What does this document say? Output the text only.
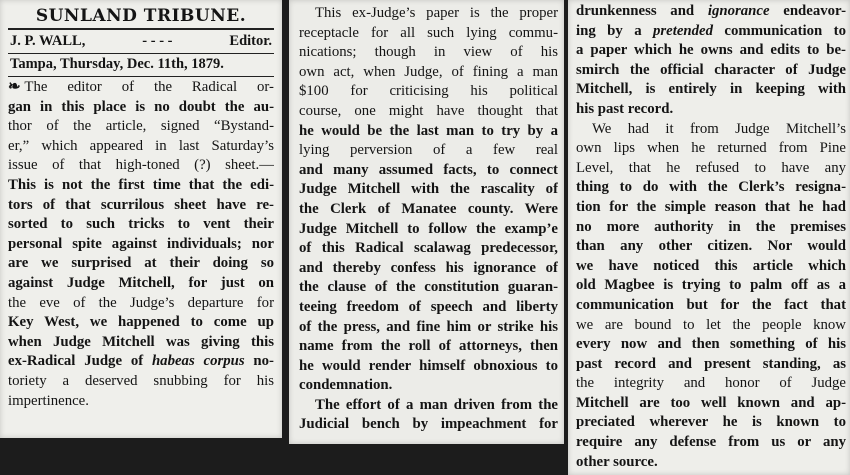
SUNLAND TRIBUNE.
J. P. WALL,	- - - -	Editor.
Tampa, Thursday, Dec. 11th, 1879.
❧ The editor of the Radical or-
gan in this place is no doubt the au-
thor of the article, signed “Bystand-
er,” which appeared in last Saturday’s
issue of that high-toned (?) sheet.—
This is not the first time that the edi-
tors of that scurrilous sheet have re-
sorted to such tricks to vent their
personal spite against individuals; nor
are we surprised at their doing so
against Judge Mitchell, for just on
the eve of the Judge’s departure for
Key West, we happened to come up
when Judge Mitchell was giving this
ex-Radical Judge of habeas corpus no-
toriety a deserved snubbing for his
impertinence.
This ex-Judge’s paper is the proper
receptacle for all such lying commu-
nications; though in view of his
own act, when Judge, of fining a man
$100 for criticising his political
course, one might have thought that
he would be the last man to try by a
lying perversion of a few real
and many assumed facts, to connect
Judge Mitchell with the rascality of
the Clerk of Manatee county. Were
Judge Mitchell to follow the examp’e
of this Radical scalawag predecessor,
and thereby confess his ignorance of
the clause of the constitution guaran-
teeing freedom of speech and liberty
of the press, and fine him or strike his
name from the roll of attorneys, then
he would render himself obnoxious to
condemnation.
The effort of a man driven from the
Judicial bench by impeachment for
drunkenness and ignorance endeavor-
ing by a pretended communication to
a paper which he owns and edits to be-
smirch the official character of Judge
Mitchell, is entirely in keeping with
his past record.
We had it from Judge Mitchell’s
own lips when he returned from Pine
Level, that he refused to have any
thing to do with the Clerk’s resigna-
tion for the simple reason that he had
no more authority in the premises
than any other citizen. Nor would
we have noticed this article which
old Magbee is trying to palm off as a
communication but for the fact that
we are bound to let the people know
every now and then something of his
past record and present standing, as
the integrity and honor of Judge
Mitchell are too well known and ap-
preciated wherever he is known to
require any defense from us or any
other source.
